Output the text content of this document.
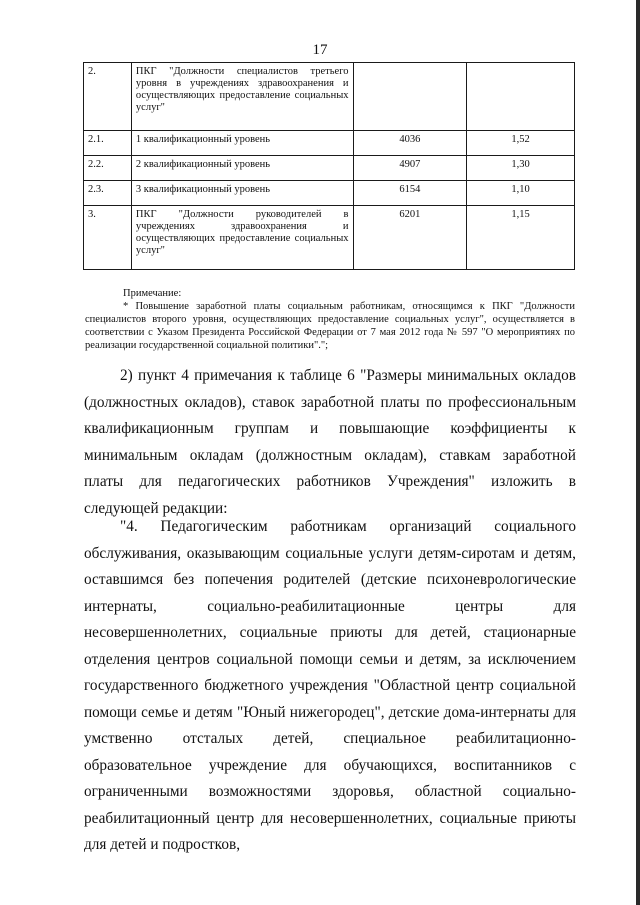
17
2.	ПКГ "Должности специалистов третьего уровня в учреждениях здравоохранения и осуществляющих предоставление социальных услуг"		
2.1.	1 квалификационный уровень	4036	1,52
2.2.	2 квалификационный уровень	4907	1,30
2.3.	3 квалификационный уровень	6154	1,10
3.	ПКГ "Должности руководителей в учреждениях здравоохранения и осуществляющих предоставление социальных услуг"	6201	1,15
Примечание:

* Повышение заработной платы социальным работникам, относящимся к ПКГ "Должности специалистов второго уровня, осуществляющих предоставление социальных услуг", осуществляется в соответствии с Указом Президента Российской Федерации от 7 мая 2012 года № 597 "О мероприятиях по реализации государственной социальной политики".";

2) пункт 4 примечания к таблице 6 "Размеры минимальных окладов (должностных окладов), ставок заработной платы по профессиональным квалификационным группам и повышающие коэффициенты к минимальным окладам (должностным окладам), ставкам заработной платы для педагогических работников Учреждения" изложить в следующей редакции:

"4. Педагогическим работникам организаций социального обслуживания, оказывающим социальные услуги детям-сиротам и детям, оставшимся без попечения родителей (детские психоневрологические интернаты, социально-реабилитационные центры для несовершеннолетних, социальные приюты для детей, стационарные отделения центров социальной помощи семьи и детям, за исключением государственного бюджетного учреждения "Областной центр социальной помощи семье и детям "Юный нижегородец", детские дома-интернаты для умственно отсталых детей, специальное реабилитационно-образовательное учреждение для обучающихся, воспитанников с ограниченными возможностями здоровья, областной социально-реабилитационный центр для несовершеннолетних, социальные приюты для детей и подростков,
